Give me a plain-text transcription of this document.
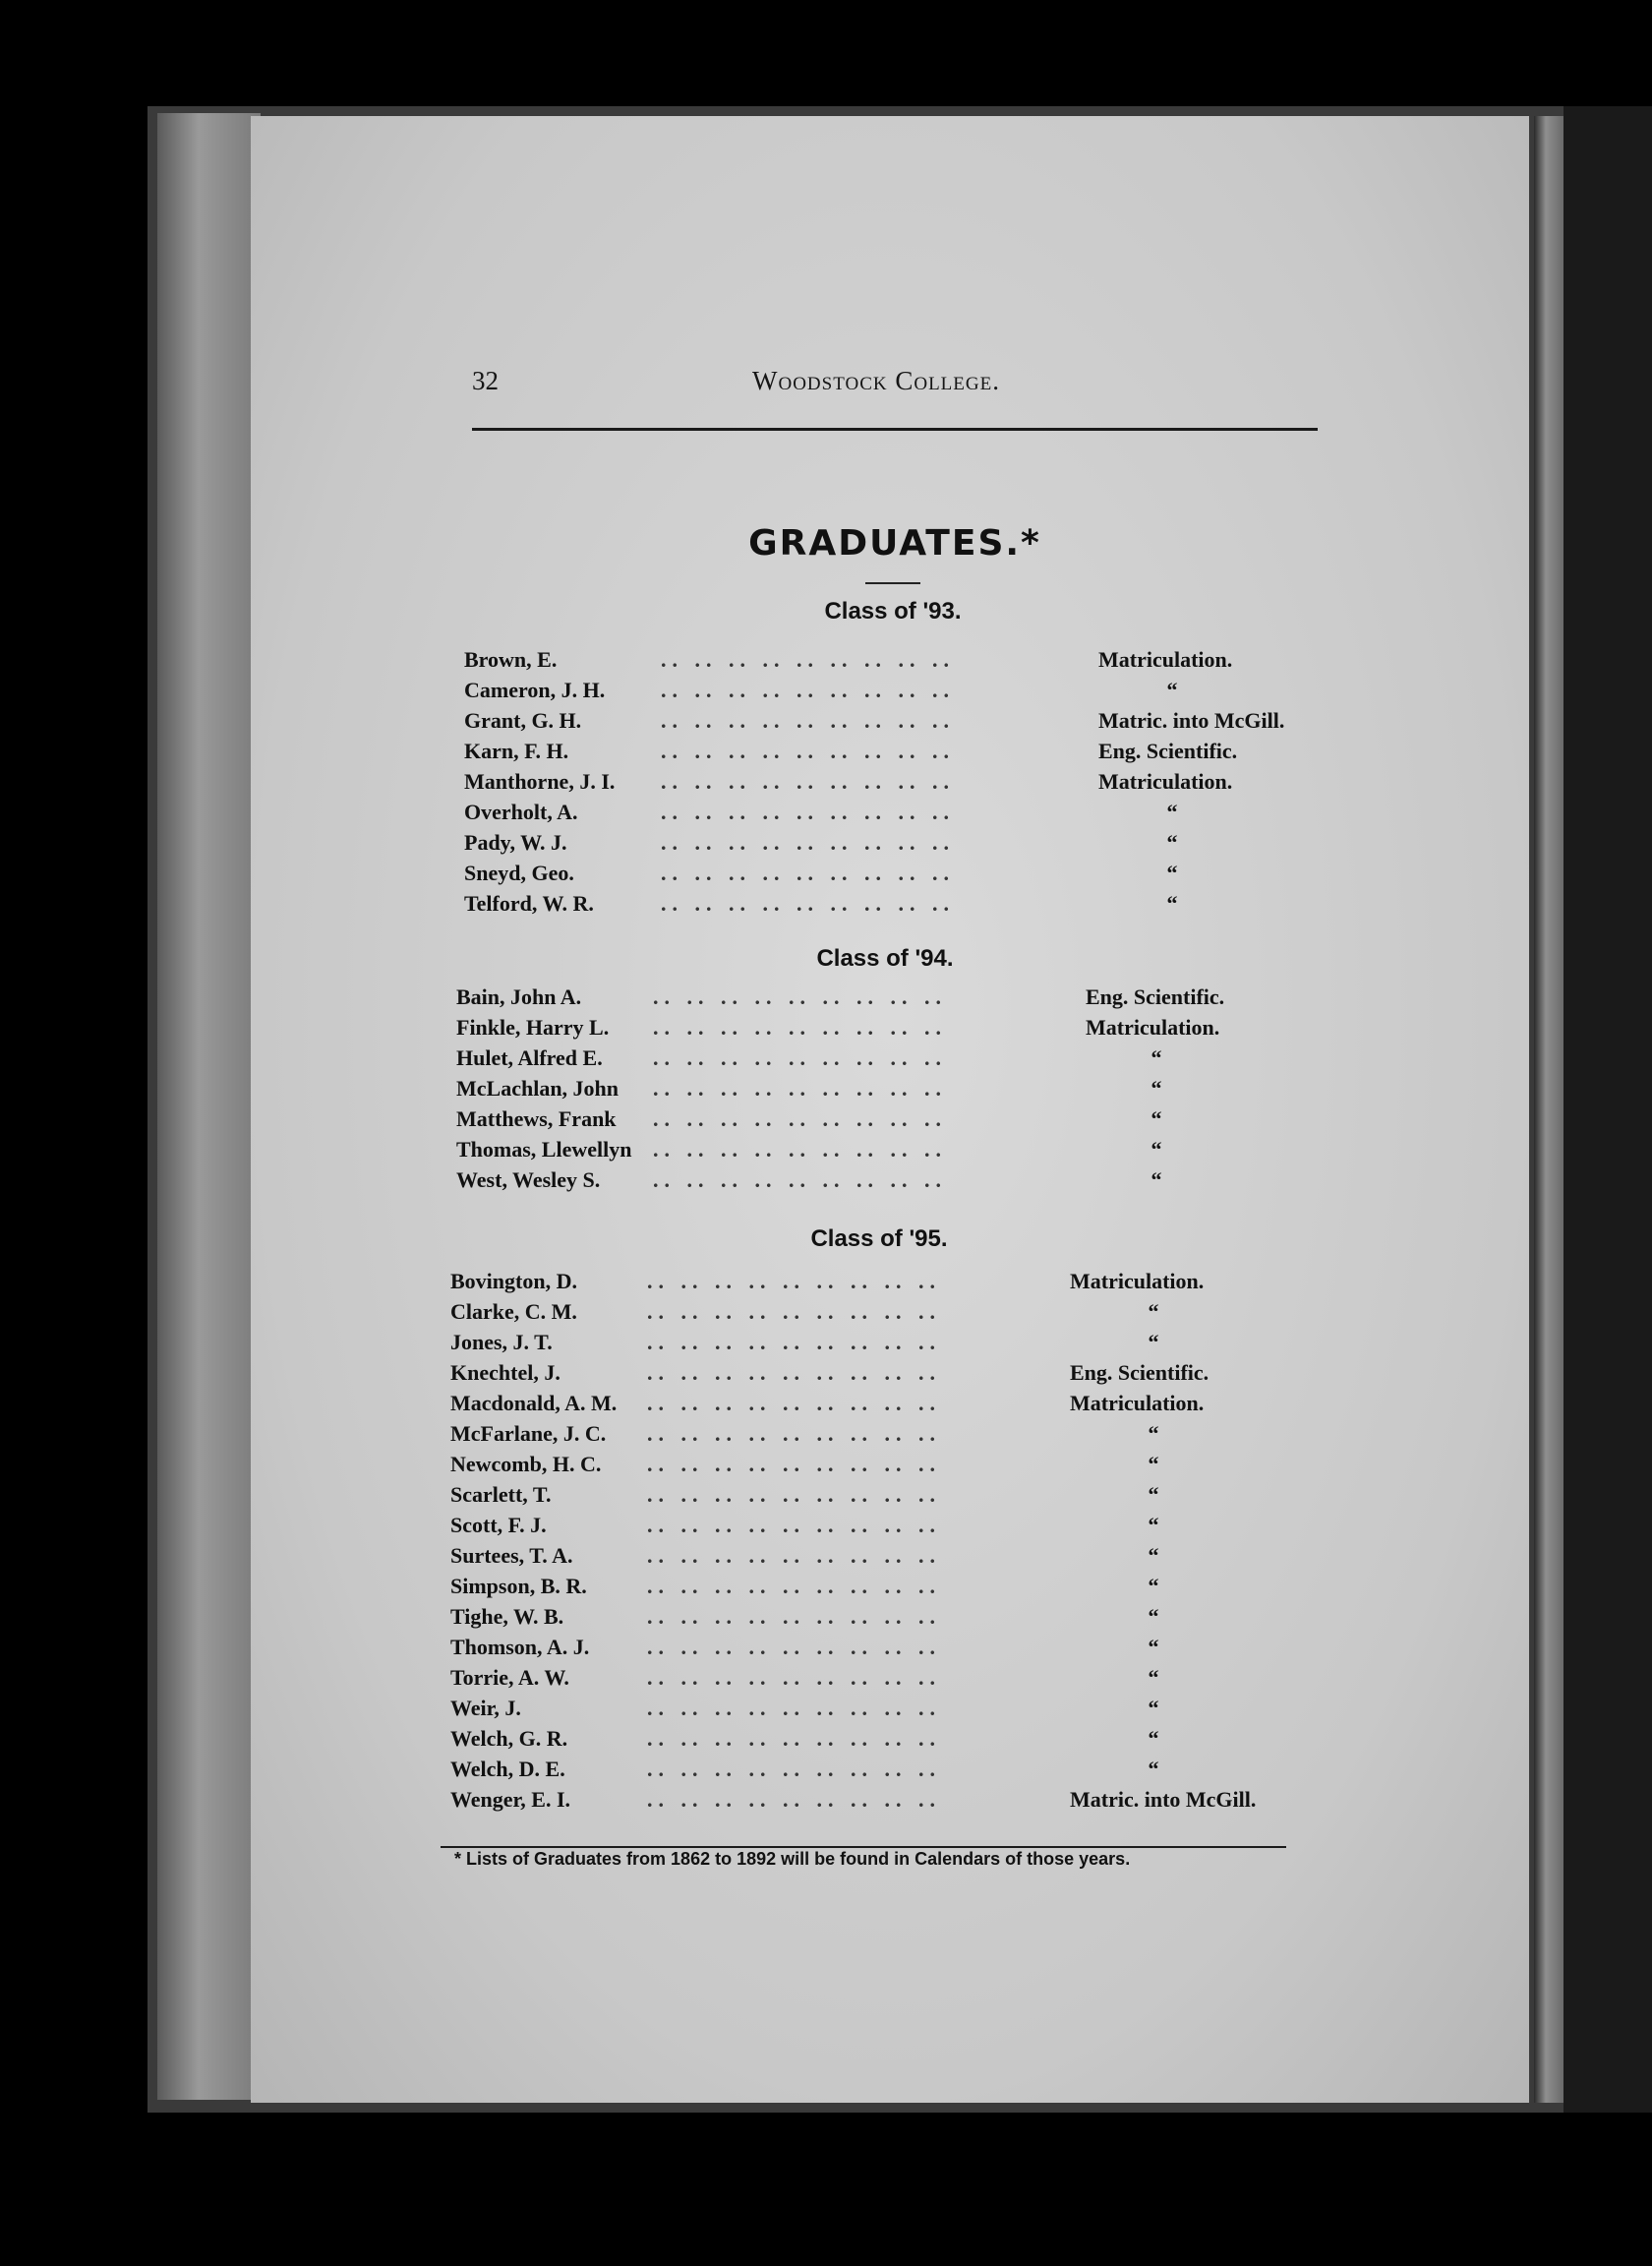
32	Woodstock College.
GRADUATES.*
Class of '93.
Brown, E.	.. .. .. .. .. .. .. .. ..	Matriculation.
Cameron, J. H.	.. .. .. .. .. .. .. .. ..	“
Grant, G. H.	.. .. .. .. .. .. .. .. ..	Matric. into McGill.
Karn, F. H.	.. .. .. .. .. .. .. .. ..	Eng. Scientific.
Manthorne, J. I. .. .. .. .. .. .. .. .. ..	Matriculation.
Overholt, A.	.. .. .. .. .. .. .. .. ..	“
Pady, W. J.	.. .. .. .. .. .. .. .. ..	“
Sneyd, Geo.	.. .. .. .. .. .. .. .. ..	“
Telford, W. R.	.. .. .. .. .. .. .. .. ..	“
Class of '94.
Bain, John A.	.. .. .. .. .. .. .. .. ..	Eng. Scientific.
Finkle, Harry L. .. .. .. .. .. .. .. .. ..	Matriculation.
Hulet, Alfred E. .. .. .. .. .. .. .. .. ..	“
McLachlan, John .. .. .. .. .. .. .. .. ..	“
Matthews, Frank .. .. .. .. .. .. .. .. ..	“
Thomas, Llewellyn .. .. .. .. .. .. .. .. ..	“
West, Wesley S. .. .. .. .. .. .. .. .. ..	“
Class of '95.
Bovington, D.	.. .. .. .. .. .. .. .. ..	Matriculation.
Clarke, C. M.	.. .. .. .. .. .. .. .. ..	“
Jones, J. T.	.. .. .. .. .. .. .. .. ..	“
Knechtel, J.	.. .. .. .. .. .. .. .. ..	Eng. Scientific.
Macdonald, A. M. .. .. .. .. .. .. .. .. ..	Matriculation.
McFarlane, J. C. .. .. .. .. .. .. .. .. ..	“
Newcomb, H. C. .. .. .. .. .. .. .. .. ..	“
Scarlett, T.	.. .. .. .. .. .. .. .. ..	“
Scott, F. J.	.. .. .. .. .. .. .. .. ..	“
Surtees, T. A.	.. .. .. .. .. .. .. .. ..	“
Simpson, B. R.	.. .. .. .. .. .. .. .. ..	“
Tighe, W. B.	.. .. .. .. .. .. .. .. ..	“
Thomson, A. J.	.. .. .. .. .. .. .. .. ..	“
Torrie, A. W.	.. .. .. .. .. .. .. .. ..	“
Weir, J.	.. .. .. .. .. .. .. .. ..	“
Welch, G. R.	.. .. .. .. .. .. .. .. ..	“
Welch, D. E.	.. .. .. .. .. .. .. .. ..	“
Wenger, E. I.	.. .. .. .. .. .. .. .. ..	Matric. into McGill.
* Lists of Graduates from 1862 to 1892 will be found in Calendars of those years.
